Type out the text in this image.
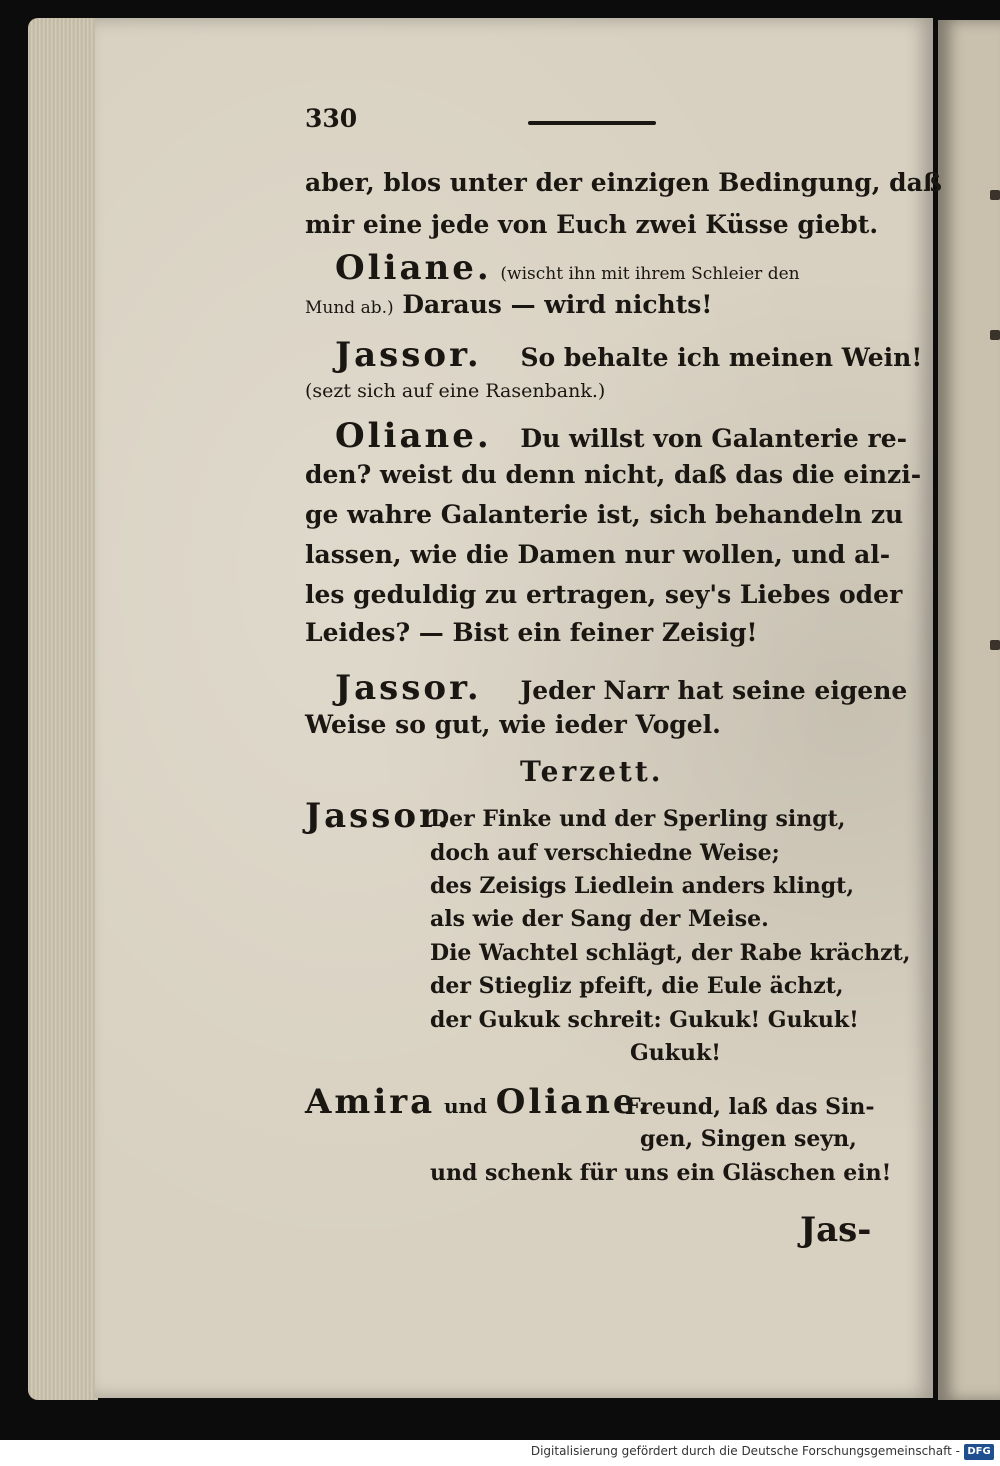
330
aber, blos unter der einzigen Bedingung, daß
mir eine jede von Euch zwei Küsse giebt.
Oliane. (wischt ihn mit ihrem Schleier den
Mund ab.) Daraus — wird nichts!
Jassor. So behalte ich meinen Wein!
(sezt sich auf eine Rasenbank.)
Oliane. Du willst von Galanterie re-
den? weist du denn nicht, daß das die einzi-
ge wahre Galanterie ist, sich behandeln zu
lassen, wie die Damen nur wollen, und al-
les geduldig zu ertragen, sey's Liebes oder
Leides? — Bist ein feiner Zeisig!
Jassor. Jeder Narr hat seine eigene
Weise so gut, wie ieder Vogel.
Terzett.
Jassor.
Der Finke und der Sperling singt,
doch auf verschiedne Weise;
des Zeisigs Liedlein anders klingt,
als wie der Sang der Meise.
Die Wachtel schlägt, der Rabe krächzt,
der Stiegliz pfeift, die Eule ächzt,
der Gukuk schreit: Gukuk! Gukuk!
Gukuk!
Amira und Oliane.
Freund, laß das Sin-
gen, Singen seyn,
und schenk für uns ein Gläschen ein!
Jas-
Digitalisierung gefördert durch die Deutsche Forschungsgemeinschaft - DFG
